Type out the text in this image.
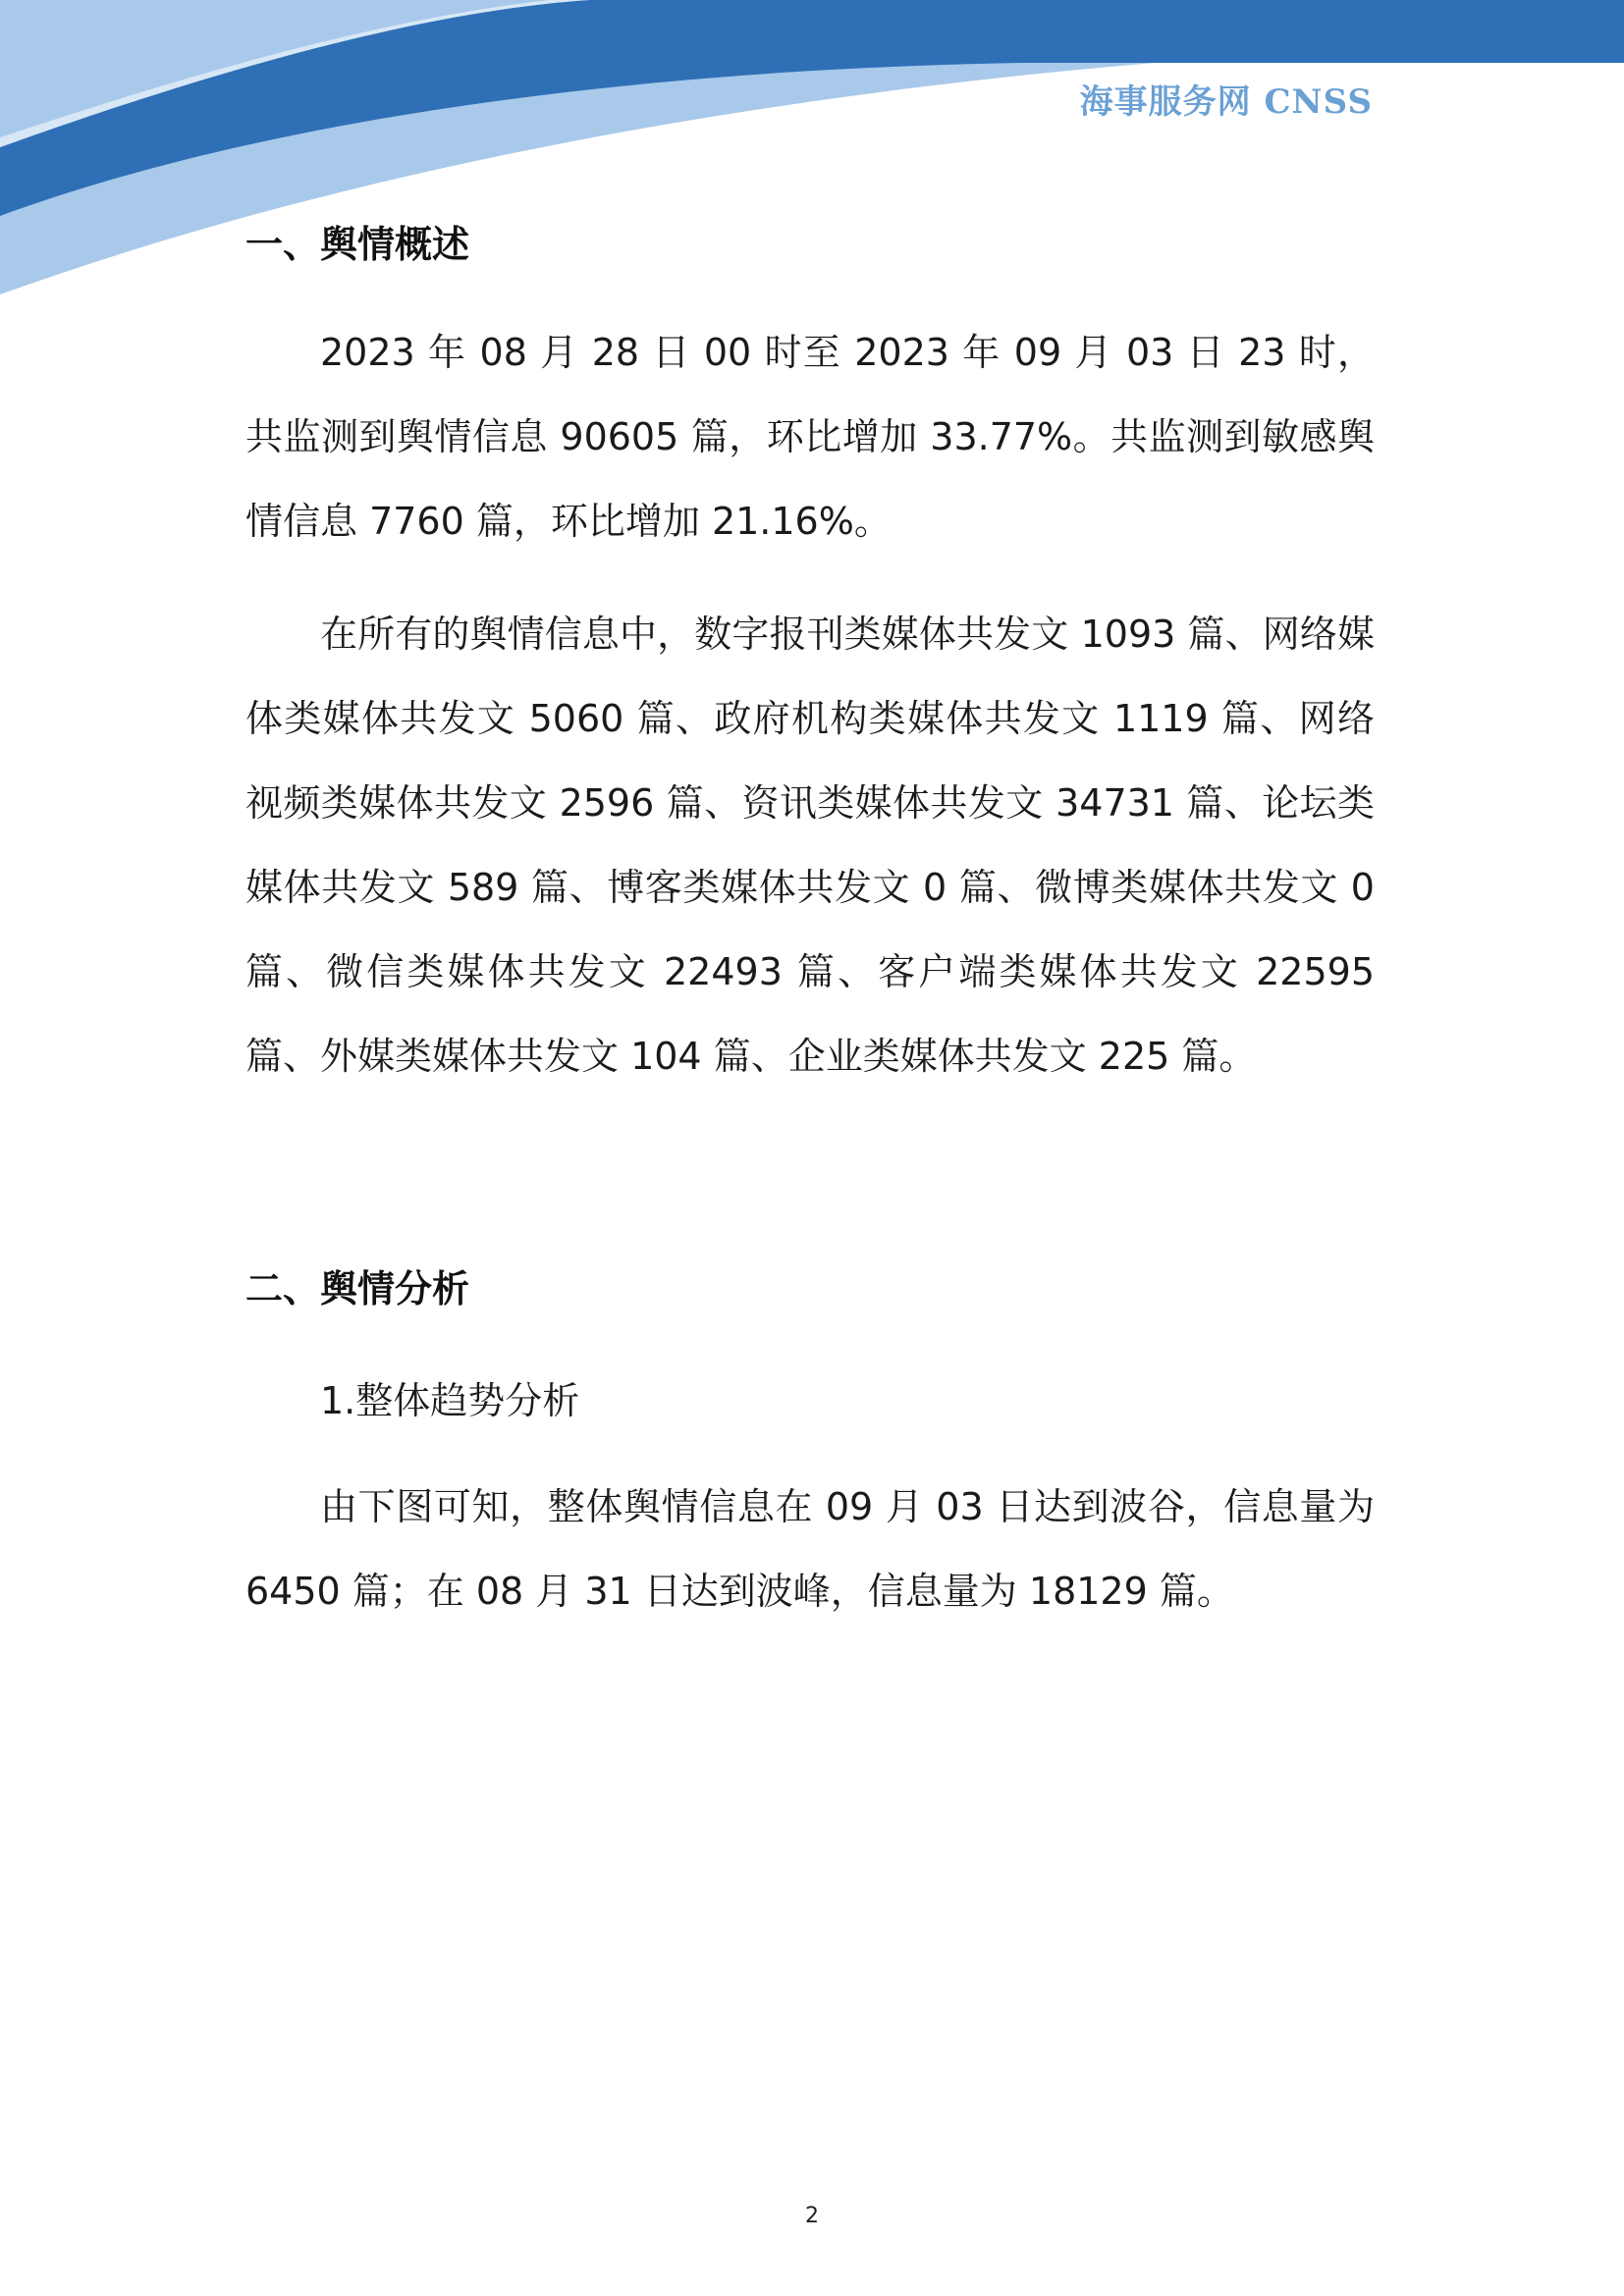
海事服务网 CNSS
一、舆情概述

2023 年 08 月 28 日 00 时至 2023 年 09 月 03 日 23 时，共监测到舆情信息 90605 篇，环比增加 33.77%。共监测到敏感舆情信息 7760 篇，环比增加 21.16%。

在所有的舆情信息中，数字报刊类媒体共发文 1093 篇、网络媒体类媒体共发文 5060 篇、政府机构类媒体共发文 1119 篇、网络视频类媒体共发文 2596 篇、资讯类媒体共发文 34731 篇、论坛类媒体共发文 589 篇、博客类媒体共发文 0 篇、微博类媒体共发文 0 篇、微信类媒体共发文 22493 篇、客户端类媒体共发文 22595 篇、外媒类媒体共发文 104 篇、企业类媒体共发文 225 篇。

二、舆情分析

1.整体趋势分析

由下图可知，整体舆情信息在 09 月 03 日达到波谷，信息量为 6450 篇；在 08 月 31 日达到波峰，信息量为 18129 篇。

2
